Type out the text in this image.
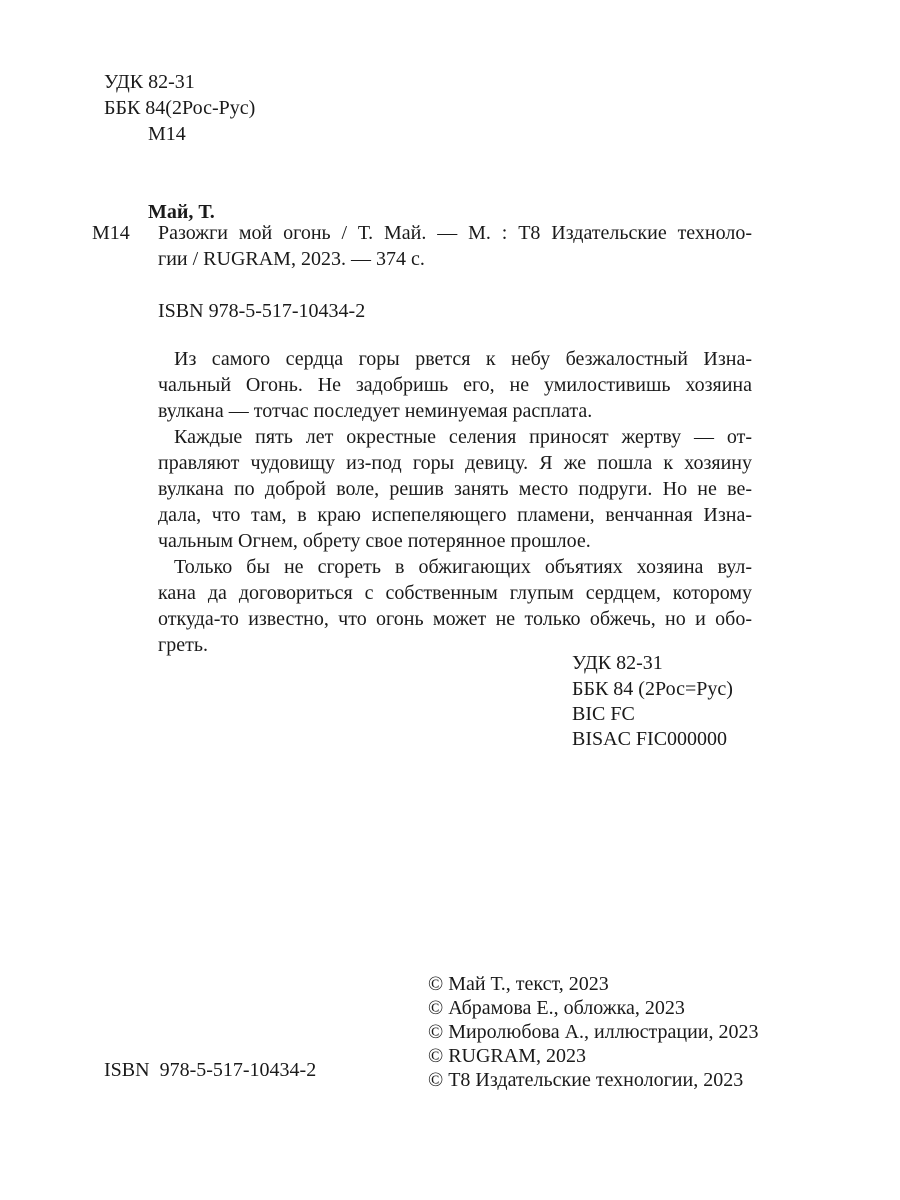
УДК 82-31
ББК 84(2Рос-Рус)
М14
Май, Т.
М14 Разожги мой огонь / Т. Май. — М. : Т8 Издательские техноло-
гии / RUGRAM, 2023. — 374 с.
ISBN 978-5-517-10434-2
Из самого сердца горы рвется к небу безжалостный Изна-
чальный Огонь. Не задобришь его, не умилостивишь хозяина
вулкана — тотчас последует неминуемая расплата.
Каждые пять лет окрестные селения приносят жертву — от-
правляют чудовищу из-под горы девицу. Я же пошла к хозяину
вулкана по доброй воле, решив занять место подруги. Но не ве-
дала, что там, в краю испепеляющего пламени, венчанная Изна-
чальным Огнем, обрету свое потерянное прошлое.
Только бы не сгореть в обжигающих объятиях хозяина вул-
кана да договориться с собственным глупым сердцем, которому
откуда-то известно, что огонь может не только обжечь, но и обо-
греть.
УДК 82-31
ББК 84 (2Рос=Рус)
BIC FC
BISAC FIC000000
ISBN  978-5-517-10434-2
© Май Т., текст, 2023
© Абрамова Е., обложка, 2023
© Миролюбова А., иллюстрации, 2023
© RUGRAM, 2023
© Т8 Издательские технологии, 2023
